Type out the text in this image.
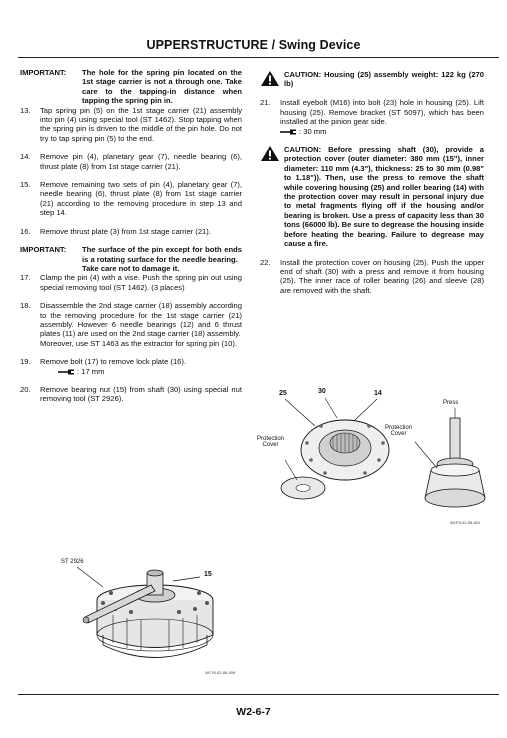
UPPERSTRUCTURE / Swing Device
IMPORTANT:	The hole for the spring pin located on the 1st stage carrier is not a through one. Take care to the tapping-in distance when tapping the spring pin in.
13.	Tap spring pin (5) on the 1st stage carrier (21) assembly into pin (4) using special tool (ST 1462). Stop tapping when the spring pin is driven to the middle of the pin hole. Do not try to tap spring pin (5) to the end.
14.	Remove pin (4), planetary gear (7), needle bearing (6), thrust plate (8) from 1st stage carrier (21).
15.	Remove remaining two sets of pin (4), planetary gear (7), needle bearing (6), thrust plate (8) from 1st stage carrier (21) according to the removing procedure in step 13 and step 14.
16.	Remove thrust plate (3) from 1st stage carrier (21).
IMPORTANT:	The surface of the pin except for both ends is a rotating surface for the needle bearing.
Take care not to damage it.
17.	Clamp the pin (4) with a vise. Push the spring pin out using special removing tool (ST 1462). (3 places)
18.	Disassemble the 2nd stage carrier (18) assembly according to the removing procedure for the 1st stage carrier (21) assembly. However 6 needle bearings (12) and 6 thrust plates (11) are used on the 2nd stage carrier (18) assembly.
Moreover, use ST 1463 as the extractor for spring pin (10).
19.	Remove bolt (17) to remove lock plate (16).
: 17 mm
20.	Remove bearing nut (15) from shaft (30) using special nut removing tool (ST 2926).
ST 2926
15
W1T6-02-06-009
CAUTION: Housing (25) assembly weight: 122 kg (270 lb)
21.	Install eyebolt (M16) into bolt (23) hole in housing (25). Lift housing (25). Remove bracket (ST 5097), which has been installed at the pinion gear side.
: 30 mm
CAUTION: Before pressing shaft (30), provide a protection cover (outer diameter: 380 mm (15"), inner diameter: 110 mm (4.3"), thickness: 25 to 30 mm (0.98" to 1.18")). Then, use the press to remove the shaft while covering housing (25) and roller bearing (14) with the protection cover may result in personal injury due to metal fragments flying off if the housing and/or bearing is broken. Use a press of capacity less than 30 tons (66000 lb). Be sure to degrease the housing inside before heating the bearing. Failure to degrease may cause a fire.
22.	Install the protection cover on housing (25). Push the upper end of shaft (30) with a press and remove it from housing (25). The inner race of roller bearing (26) and sleeve (28) are removed with the shaft.
25	30	14
Press
Protection
Cover
Protection
Cover
W1F3-02-06-001
W2-6-7
